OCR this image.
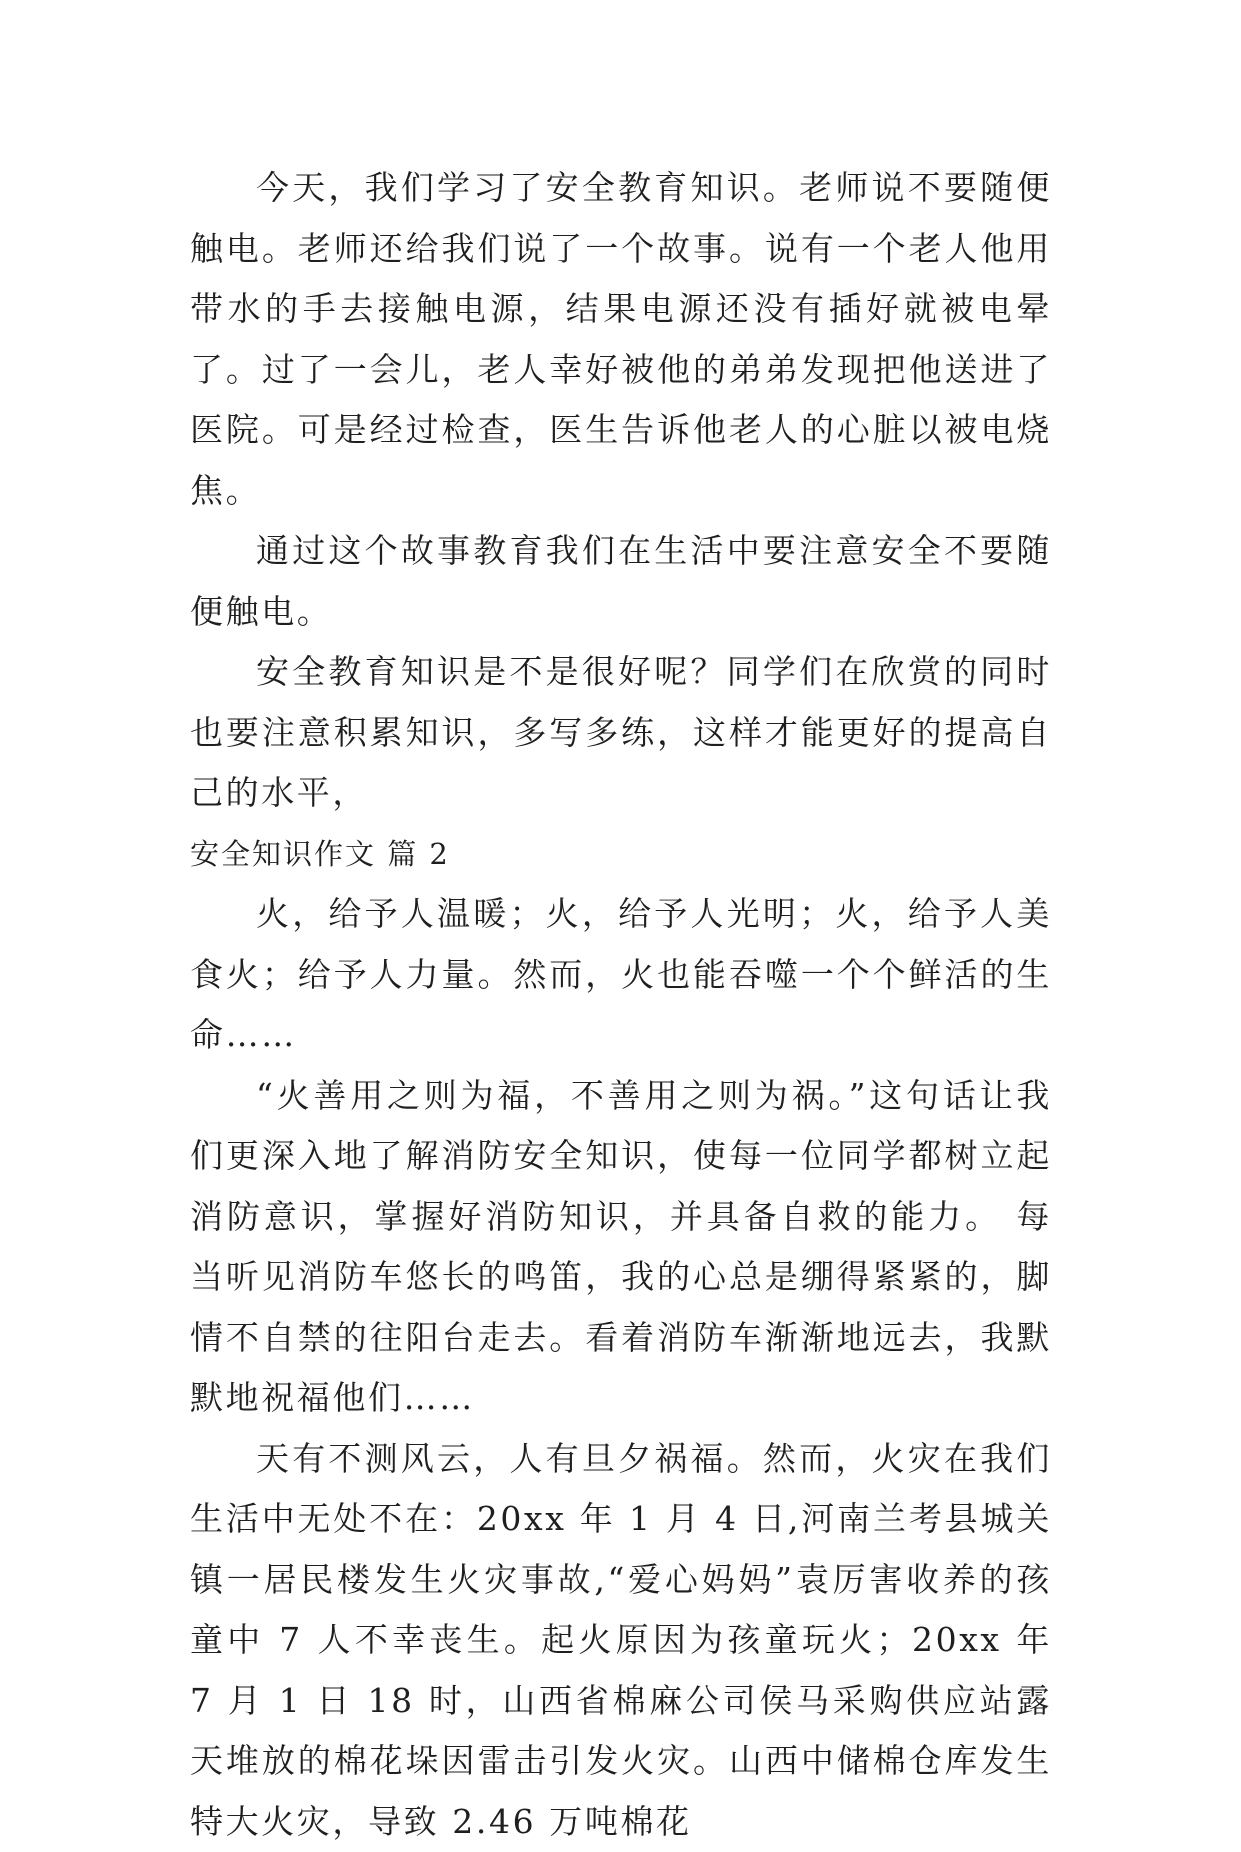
今天，我们学习了安全教育知识。老师说不要随便触电。老师还给我们说了一个故事。说有一个老人他用带水的手去接触电源，结果电源还没有插好就被电晕了。过了一会儿，老人幸好被他的弟弟发现把他送进了医院。可是经过检查，医生告诉他老人的心脏以被电烧焦。

通过这个故事教育我们在生活中要注意安全不要随便触电。

安全教育知识是不是很好呢？同学们在欣赏的同时也要注意积累知识，多写多练，这样才能更好的提高自己的水平，

安全知识作文 篇 2

火，给予人温暖；火，给予人光明；火，给予人美食火；给予人力量。然而，火也能吞噬一个个鲜活的生命……

“火善用之则为福，不善用之则为祸。”这句话让我们更深入地了解消防安全知识，使每一位同学都树立起消防意识，掌握好消防知识，并具备自救的能力。 每当听见消防车悠长的鸣笛，我的心总是绷得紧紧的，脚情不自禁的往阳台走去。看着消防车渐渐地远去，我默默地祝福他们……

天有不测风云，人有旦夕祸福。然而，火灾在我们生活中无处不在：20xx 年 1 月 4 日,河南兰考县城关镇一居民楼发生火灾事故,“爱心妈妈”袁厉害收养的孩童中 7 人不幸丧生。起火原因为孩童玩火；20xx 年 7 月 1 日 18 时，山西省棉麻公司侯马采购供应站露天堆放的棉花垛因雷击引发火灾。山西中储棉仓库发生特大火灾，导致 2.46 万吨棉花
